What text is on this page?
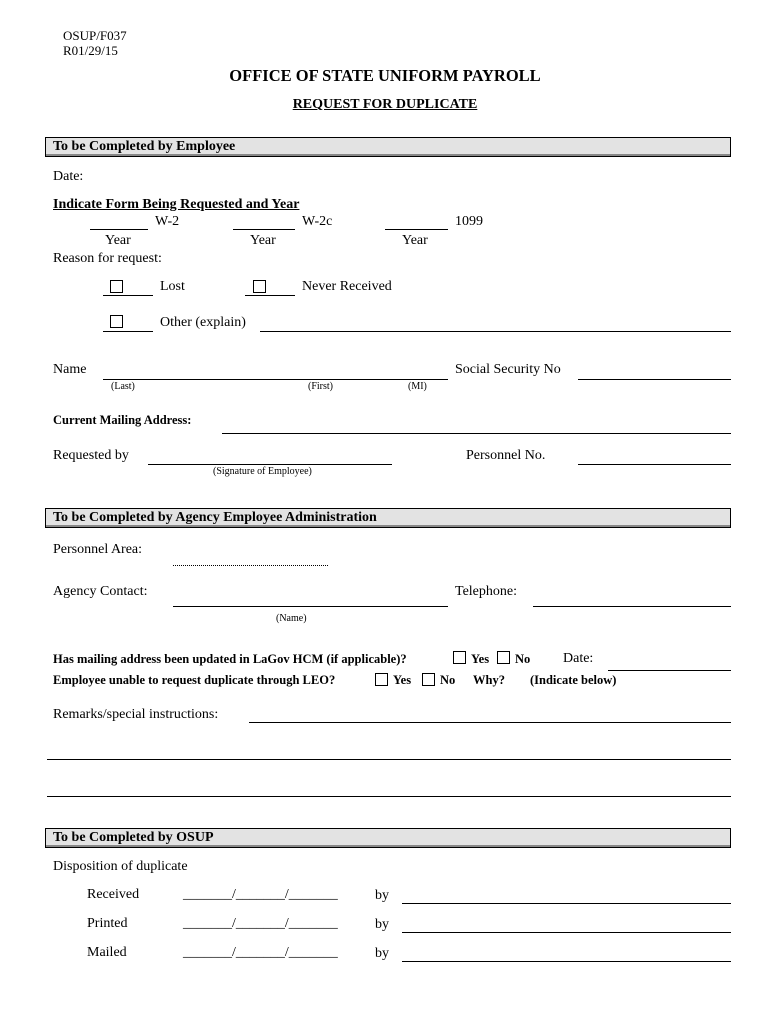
OSUP/F037
R01/29/15
OFFICE OF STATE UNIFORM PAYROLL
REQUEST FOR DUPLICATE
To be Completed by Employee
Date:
Indicate Form Being Requested and Year
W-2	W-2c	1099
Year	Year	Year
Reason for request:
Lost	Never Received
Other (explain)
Name
(Last)	(First)	(MI)
Social Security No
Current Mailing Address:
Requested by
(Signature of Employee)
Personnel No.
To be Completed by Agency Employee Administration
Personnel Area:
Agency Contact:
(Name)
Telephone:
Has mailing address been updated in LaGov HCM (if applicable)?	Yes No Date:
Employee unable to request duplicate through LEO?	Yes No Why? (Indicate below)
Remarks/special instructions:
To be Completed by OSUP
Disposition of duplicate
Received	_______/_______/_______	by
Printed	_______/_______/_______	by
Mailed	_______/_______/_______	by
